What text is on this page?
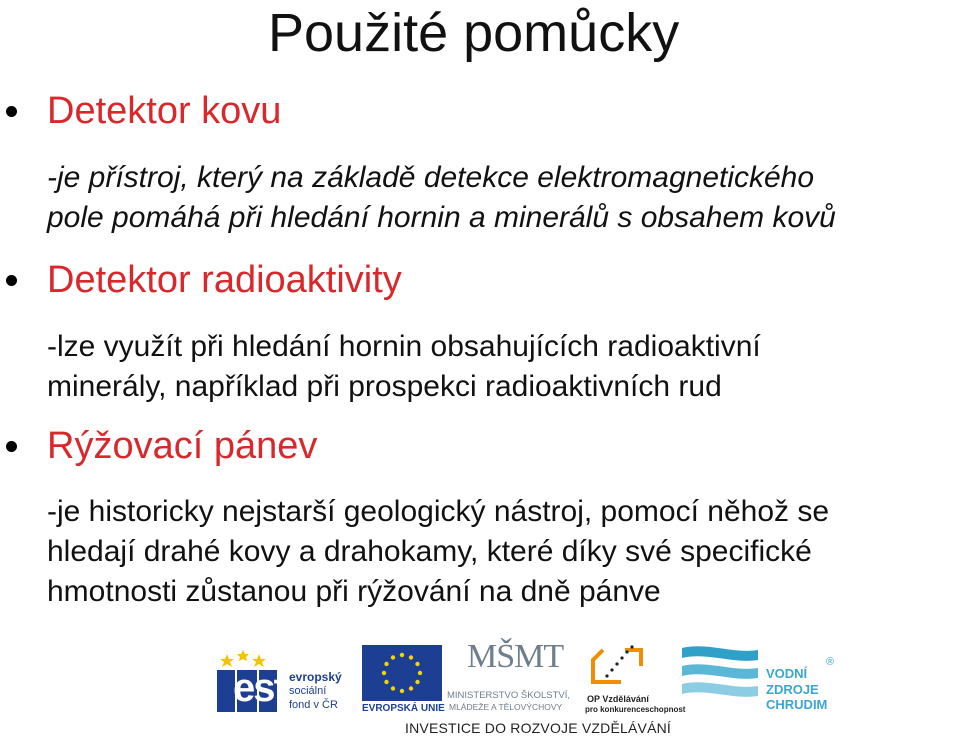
Použité pomůcky
Detektor kovu
-je přístroj, který na základě detekce elektromagnetického
pole pomáhá při hledání hornin a minerálů s obsahem kovů
Detektor radioaktivity
-lze využít při hledání hornin obsahujících radioaktivní
minerály, například při prospekci radioaktivních rud
Rýžovací pánev
-je historicky nejstarší geologický nástroj, pomocí něhož se
hledají drahé kovy a drahokamy, které díky své specifické
hmotnosti zůstanou při rýžování na dně pánve
esf evropský
sociální
fond v ČR EVROPSKÁ UNIE
MŠMT
MINISTERSTVO ŠKOLSTVÍ,
MLÁDEŽE A TĚLOVÝCHOVY
OP Vzdělávání
pro konkurenceschopnost
VODNÍ
ZDROJE
CHRUDIM
®
INVESTICE DO ROZVOJE VZDĚLÁVÁNÍ
